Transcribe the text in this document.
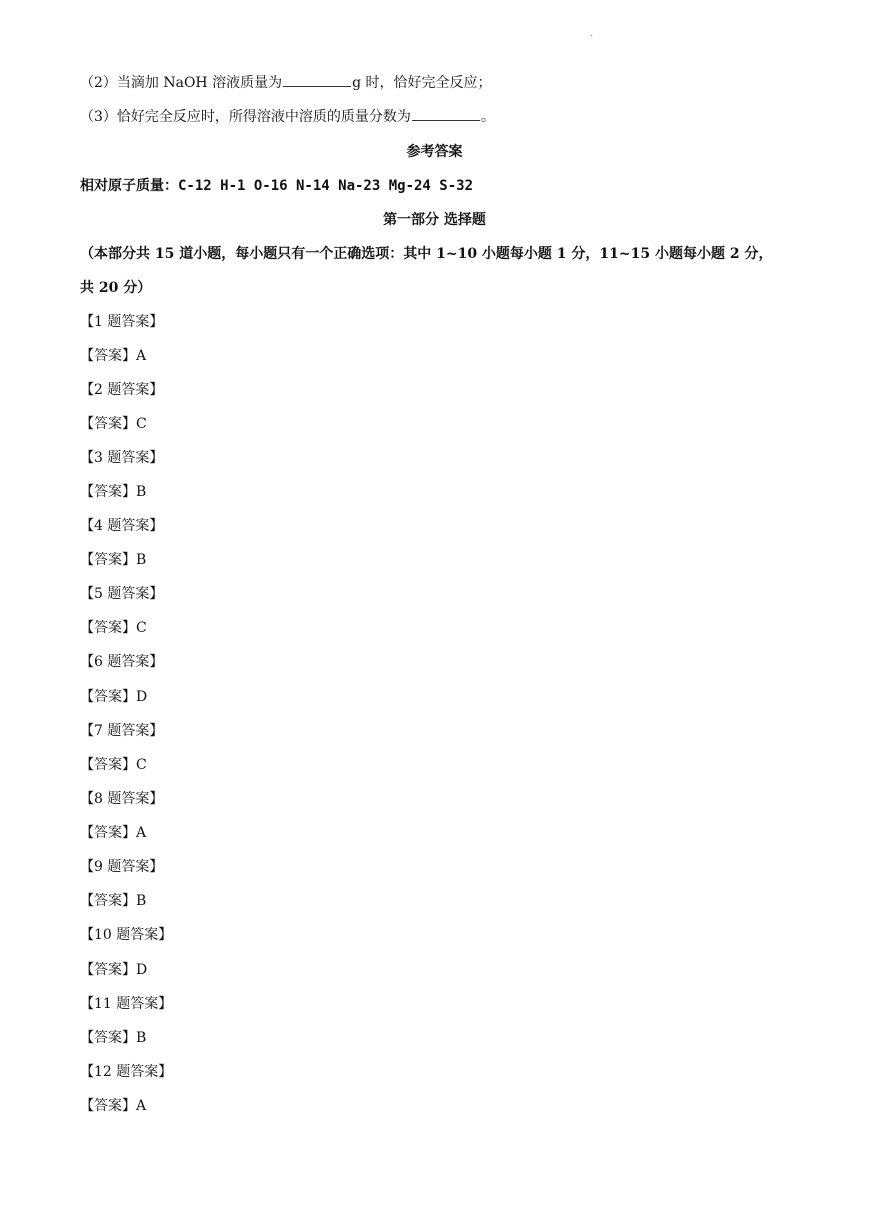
.
（2）当滴加 NaOH 溶液质量为	g 时，恰好完全反应；
（3）恰好完全反应时，所得溶液中溶质的质量分数为	。
参考答案
相对原子质量：C-12 H-1 O-16 N-14 Na-23 Mg-24 S-32
第一部分 选择题
（本部分共 15 道小题，每小题只有一个正确选项：其中 1~10 小题每小题 1 分，11~15 小题每小题 2 分，
共 20 分）
【1 题答案】
【答案】A
【2 题答案】
【答案】C
【3 题答案】
【答案】B
【4 题答案】
【答案】B
【5 题答案】
【答案】C
【6 题答案】
【答案】D
【7 题答案】
【答案】C
【8 题答案】
【答案】A
【9 题答案】
【答案】B
【10 题答案】
【答案】D
【11 题答案】
【答案】B
【12 题答案】
【答案】A
